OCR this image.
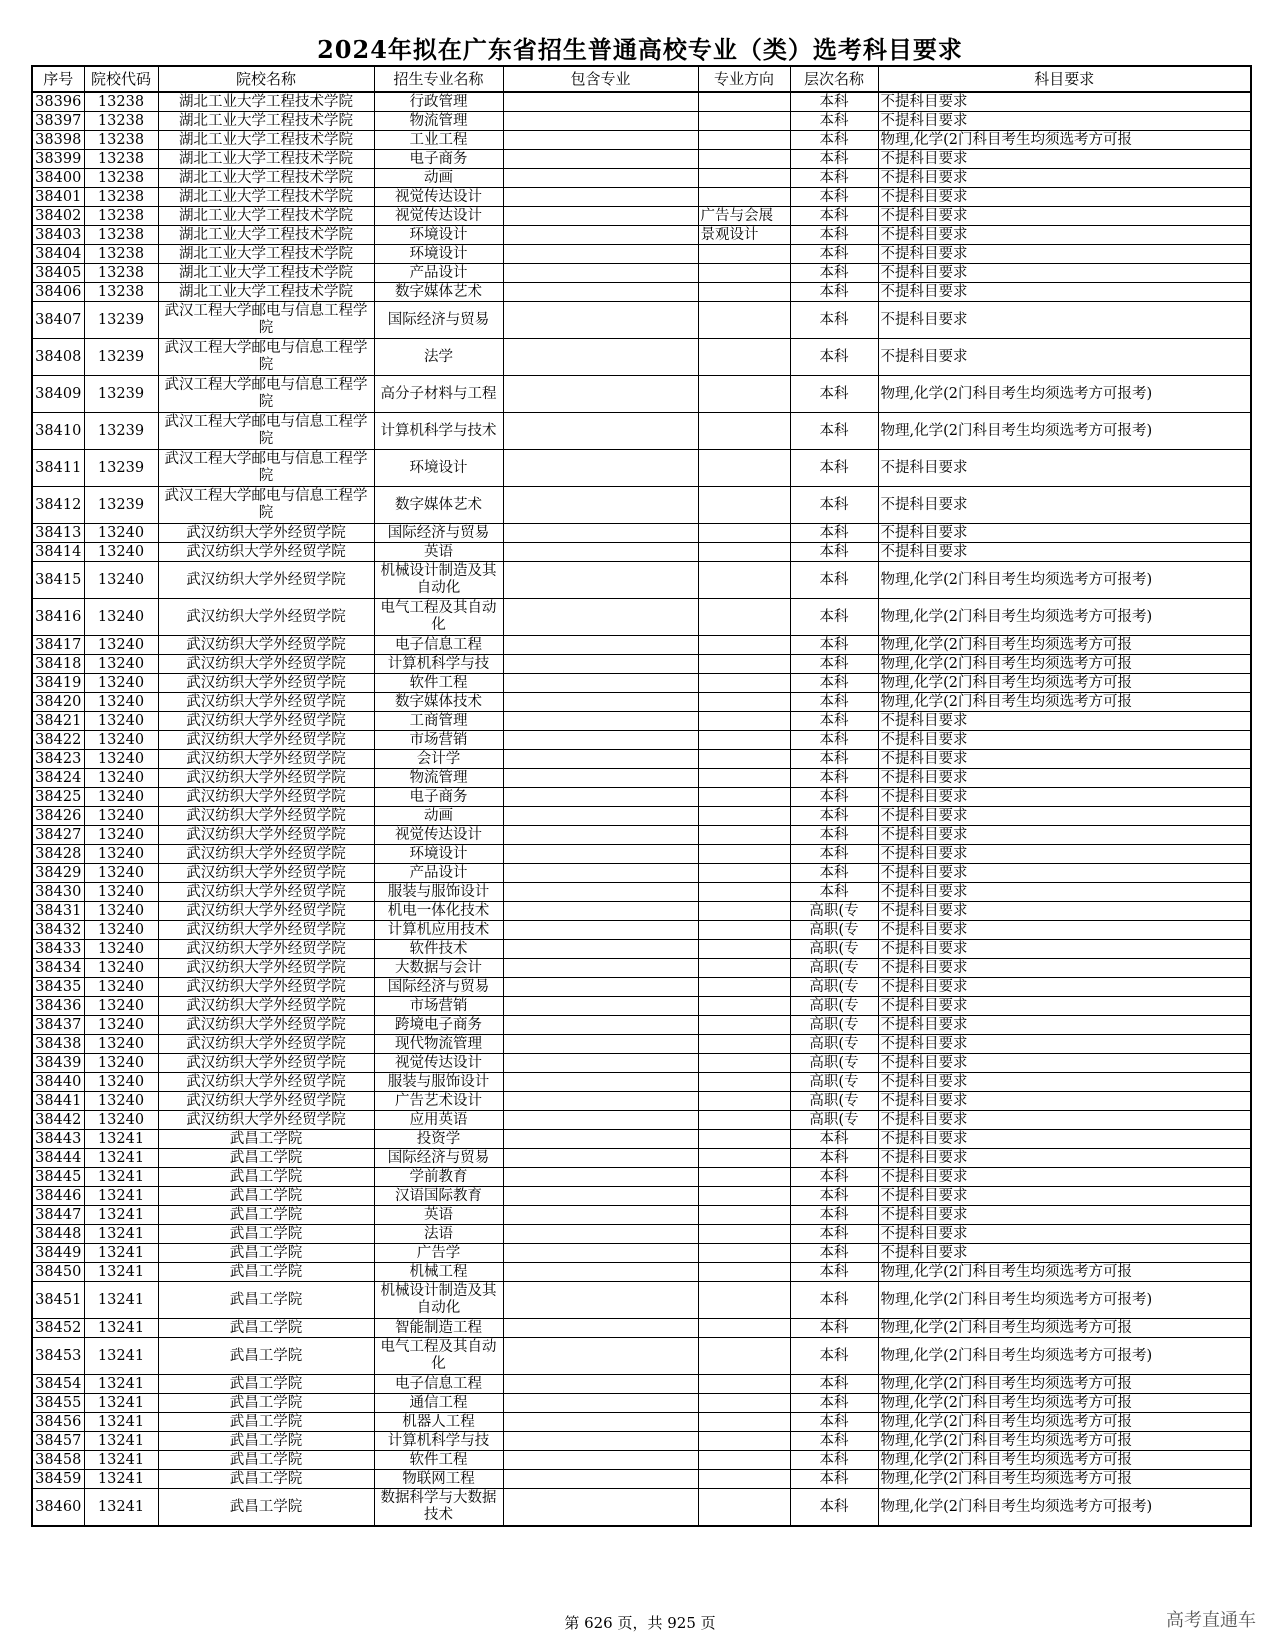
2024年拟在广东省招生普通高校专业（类）选考科目要求
序号	院校代码	院校名称	招生专业名称	包含专业	专业方向	层次名称	科目要求
38396	13238	湖北工业大学工程技术学院	行政管理			本科	不提科目要求
38397	13238	湖北工业大学工程技术学院	物流管理			本科	不提科目要求
38398	13238	湖北工业大学工程技术学院	工业工程			本科	物理,化学(2门科目考生均须选考方可报
38399	13238	湖北工业大学工程技术学院	电子商务			本科	不提科目要求
38400	13238	湖北工业大学工程技术学院	动画			本科	不提科目要求
38401	13238	湖北工业大学工程技术学院	视觉传达设计			本科	不提科目要求
38402	13238	湖北工业大学工程技术学院	视觉传达设计		广告与会展	本科	不提科目要求
38403	13238	湖北工业大学工程技术学院	环境设计		景观设计	本科	不提科目要求
38404	13238	湖北工业大学工程技术学院	环境设计			本科	不提科目要求
38405	13238	湖北工业大学工程技术学院	产品设计			本科	不提科目要求
38406	13238	湖北工业大学工程技术学院	数字媒体艺术			本科	不提科目要求
38407	13239	武汉工程大学邮电与信息工程学院	国际经济与贸易			本科	不提科目要求
38408	13239	武汉工程大学邮电与信息工程学院	法学			本科	不提科目要求
38409	13239	武汉工程大学邮电与信息工程学院	高分子材料与工程			本科	物理,化学(2门科目考生均须选考方可报考)
38410	13239	武汉工程大学邮电与信息工程学院	计算机科学与技术			本科	物理,化学(2门科目考生均须选考方可报考)
38411	13239	武汉工程大学邮电与信息工程学院	环境设计			本科	不提科目要求
38412	13239	武汉工程大学邮电与信息工程学院	数字媒体艺术			本科	不提科目要求
38413	13240	武汉纺织大学外经贸学院	国际经济与贸易			本科	不提科目要求
38414	13240	武汉纺织大学外经贸学院	英语			本科	不提科目要求
38415	13240	武汉纺织大学外经贸学院	机械设计制造及其自动化			本科	物理,化学(2门科目考生均须选考方可报考)
38416	13240	武汉纺织大学外经贸学院	电气工程及其自动化			本科	物理,化学(2门科目考生均须选考方可报考)
38417	13240	武汉纺织大学外经贸学院	电子信息工程			本科	物理,化学(2门科目考生均须选考方可报
38418	13240	武汉纺织大学外经贸学院	计算机科学与技			本科	物理,化学(2门科目考生均须选考方可报
38419	13240	武汉纺织大学外经贸学院	软件工程			本科	物理,化学(2门科目考生均须选考方可报
38420	13240	武汉纺织大学外经贸学院	数字媒体技术			本科	物理,化学(2门科目考生均须选考方可报
38421	13240	武汉纺织大学外经贸学院	工商管理			本科	不提科目要求
38422	13240	武汉纺织大学外经贸学院	市场营销			本科	不提科目要求
38423	13240	武汉纺织大学外经贸学院	会计学			本科	不提科目要求
38424	13240	武汉纺织大学外经贸学院	物流管理			本科	不提科目要求
38425	13240	武汉纺织大学外经贸学院	电子商务			本科	不提科目要求
38426	13240	武汉纺织大学外经贸学院	动画			本科	不提科目要求
38427	13240	武汉纺织大学外经贸学院	视觉传达设计			本科	不提科目要求
38428	13240	武汉纺织大学外经贸学院	环境设计			本科	不提科目要求
38429	13240	武汉纺织大学外经贸学院	产品设计			本科	不提科目要求
38430	13240	武汉纺织大学外经贸学院	服装与服饰设计			本科	不提科目要求
38431	13240	武汉纺织大学外经贸学院	机电一体化技术			高职(专	不提科目要求
38432	13240	武汉纺织大学外经贸学院	计算机应用技术			高职(专	不提科目要求
38433	13240	武汉纺织大学外经贸学院	软件技术			高职(专	不提科目要求
38434	13240	武汉纺织大学外经贸学院	大数据与会计			高职(专	不提科目要求
38435	13240	武汉纺织大学外经贸学院	国际经济与贸易			高职(专	不提科目要求
38436	13240	武汉纺织大学外经贸学院	市场营销			高职(专	不提科目要求
38437	13240	武汉纺织大学外经贸学院	跨境电子商务			高职(专	不提科目要求
38438	13240	武汉纺织大学外经贸学院	现代物流管理			高职(专	不提科目要求
38439	13240	武汉纺织大学外经贸学院	视觉传达设计			高职(专	不提科目要求
38440	13240	武汉纺织大学外经贸学院	服装与服饰设计			高职(专	不提科目要求
38441	13240	武汉纺织大学外经贸学院	广告艺术设计			高职(专	不提科目要求
38442	13240	武汉纺织大学外经贸学院	应用英语			高职(专	不提科目要求
38443	13241	武昌工学院	投资学			本科	不提科目要求
38444	13241	武昌工学院	国际经济与贸易			本科	不提科目要求
38445	13241	武昌工学院	学前教育			本科	不提科目要求
38446	13241	武昌工学院	汉语国际教育			本科	不提科目要求
38447	13241	武昌工学院	英语			本科	不提科目要求
38448	13241	武昌工学院	法语			本科	不提科目要求
38449	13241	武昌工学院	广告学			本科	不提科目要求
38450	13241	武昌工学院	机械工程			本科	物理,化学(2门科目考生均须选考方可报
38451	13241	武昌工学院	机械设计制造及其自动化			本科	物理,化学(2门科目考生均须选考方可报考)
38452	13241	武昌工学院	智能制造工程			本科	物理,化学(2门科目考生均须选考方可报
38453	13241	武昌工学院	电气工程及其自动化			本科	物理,化学(2门科目考生均须选考方可报考)
38454	13241	武昌工学院	电子信息工程			本科	物理,化学(2门科目考生均须选考方可报
38455	13241	武昌工学院	通信工程			本科	物理,化学(2门科目考生均须选考方可报
38456	13241	武昌工学院	机器人工程			本科	物理,化学(2门科目考生均须选考方可报
38457	13241	武昌工学院	计算机科学与技			本科	物理,化学(2门科目考生均须选考方可报
38458	13241	武昌工学院	软件工程			本科	物理,化学(2门科目考生均须选考方可报
38459	13241	武昌工学院	物联网工程			本科	物理,化学(2门科目考生均须选考方可报
38460	13241	武昌工学院	数据科学与大数据技术			本科	物理,化学(2门科目考生均须选考方可报考)
第 626 页，共 925 页	高考直通车
